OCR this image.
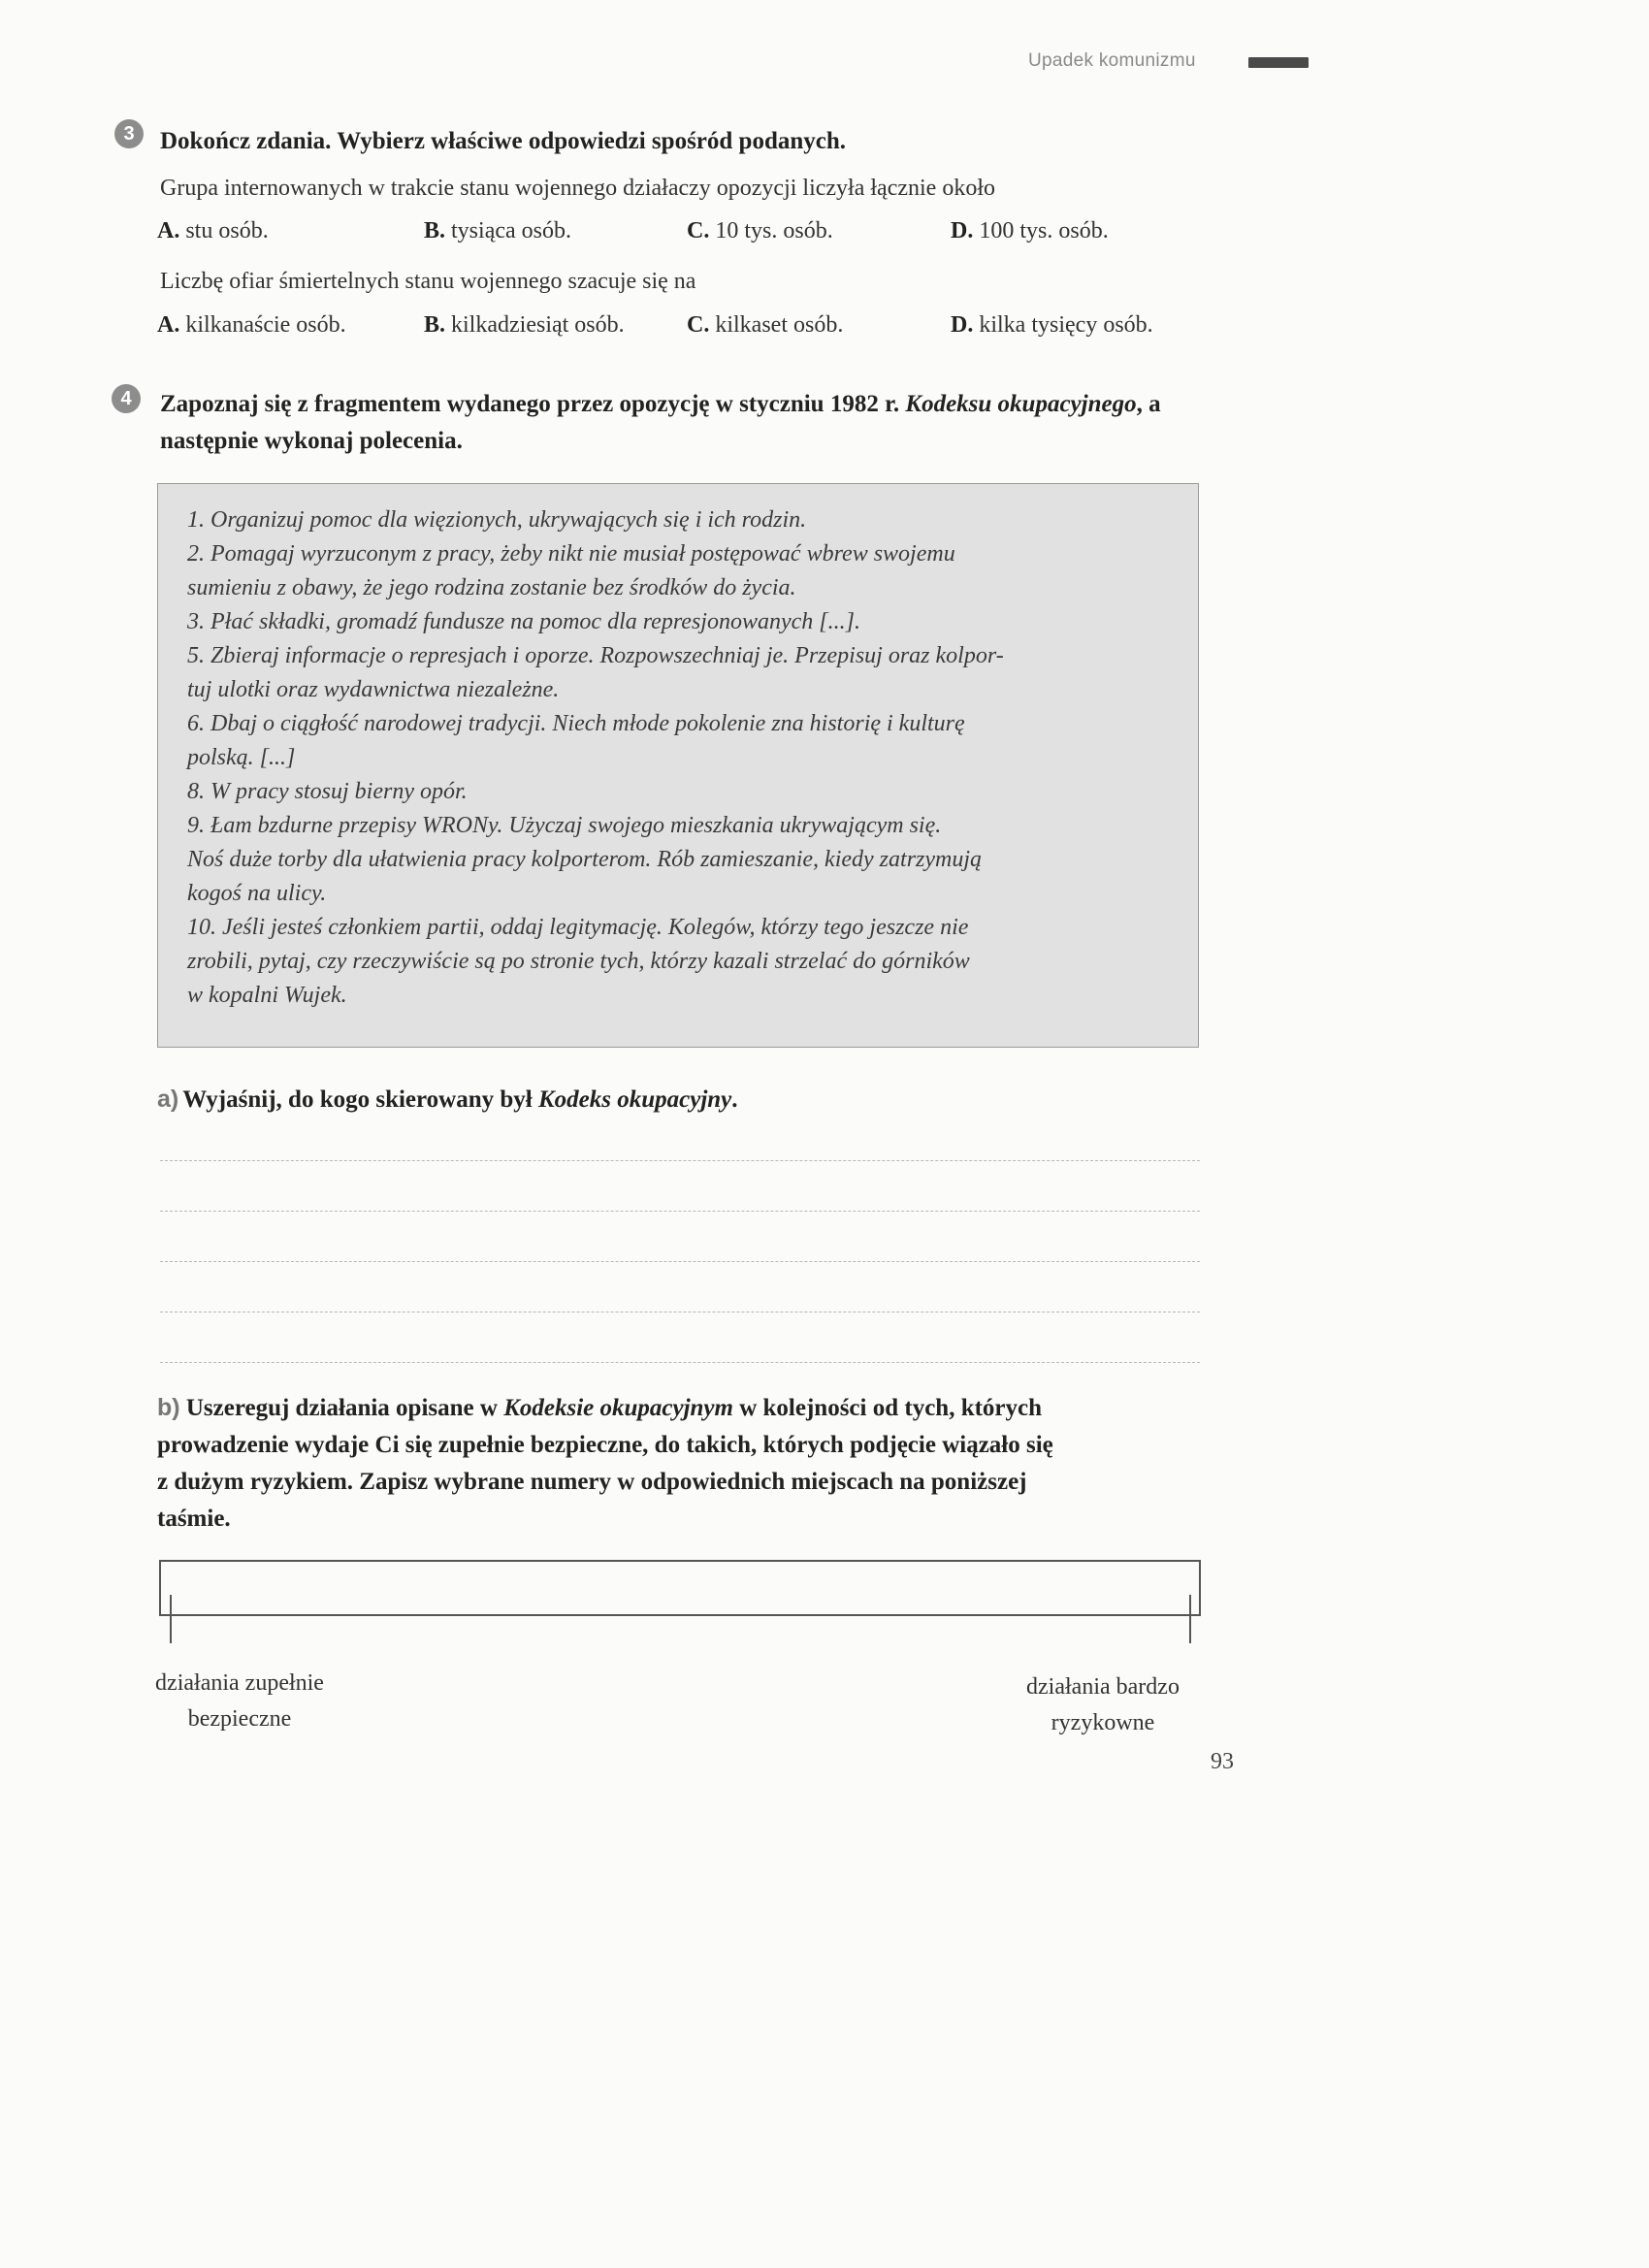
Upadek komunizmu
3	Dokończ zdania. Wybierz właściwe odpowiedzi spośród podanych.
Grupa internowanych w trakcie stanu wojennego działaczy opozycji liczyła łącznie około
A. stu osób.	B. tysiąca osób.	C. 10 tys. osób.	D. 100 tys. osób.
Liczbę ofiar śmiertelnych stanu wojennego szacuje się na
A. kilkanaście osób.	B. kilkadziesiąt osób.	C. kilkaset osób.	D. kilka tysięcy osób.
4	Zapoznaj się z fragmentem wydanego przez opozycję w styczniu 1982 r. Kodeksu okupacyjnego, a następnie wykonaj polecenia.

1. Organizuj pomoc dla więzionych, ukrywających się i ich rodzin.

2. Pomagaj wyrzuconym z pracy, żeby nikt nie musiał postępować wbrew swojemu

sumieniu z obawy, że jego rodzina zostanie bez środków do życia.

3. Płać składki, gromadź fundusze na pomoc dla represjonowanych [...].

5. Zbieraj informacje o represjach i oporze. Rozpowszechniaj je. Przepisuj oraz kolpor-

tuj ulotki oraz wydawnictwa niezależne.

6. Dbaj o ciągłość narodowej tradycji. Niech młode pokolenie zna historię i kulturę

polską. [...]

8. W pracy stosuj bierny opór.

9. Łam bzdurne przepisy WRONy. Użyczaj swojego mieszkania ukrywającym się.

Noś duże torby dla ułatwienia pracy kolporterom. Rób zamieszanie, kiedy zatrzymują

kogoś na ulicy.

10. Jeśli jesteś członkiem partii, oddaj legitymację. Kolegów, którzy tego jeszcze nie

zrobili, pytaj, czy rzeczywiście są po stronie tych, którzy kazali strzelać do górników

w kopalni Wujek.

a) Wyjaśnij, do kogo skierowany był Kodeks okupacyjny.
b) Uszereguj działania opisane w Kodeksie okupacyjnym w kolejności od tych, których
prowadzenie wydaje Ci się zupełnie bezpieczne, do takich, których podjęcie wiązało się
z dużym ryzykiem. Zapisz wybrane numery w odpowiednich miejscach na poniższej
taśmie.
działania zupełnie
bezpieczne
działania bardzo
ryzykowne
93
